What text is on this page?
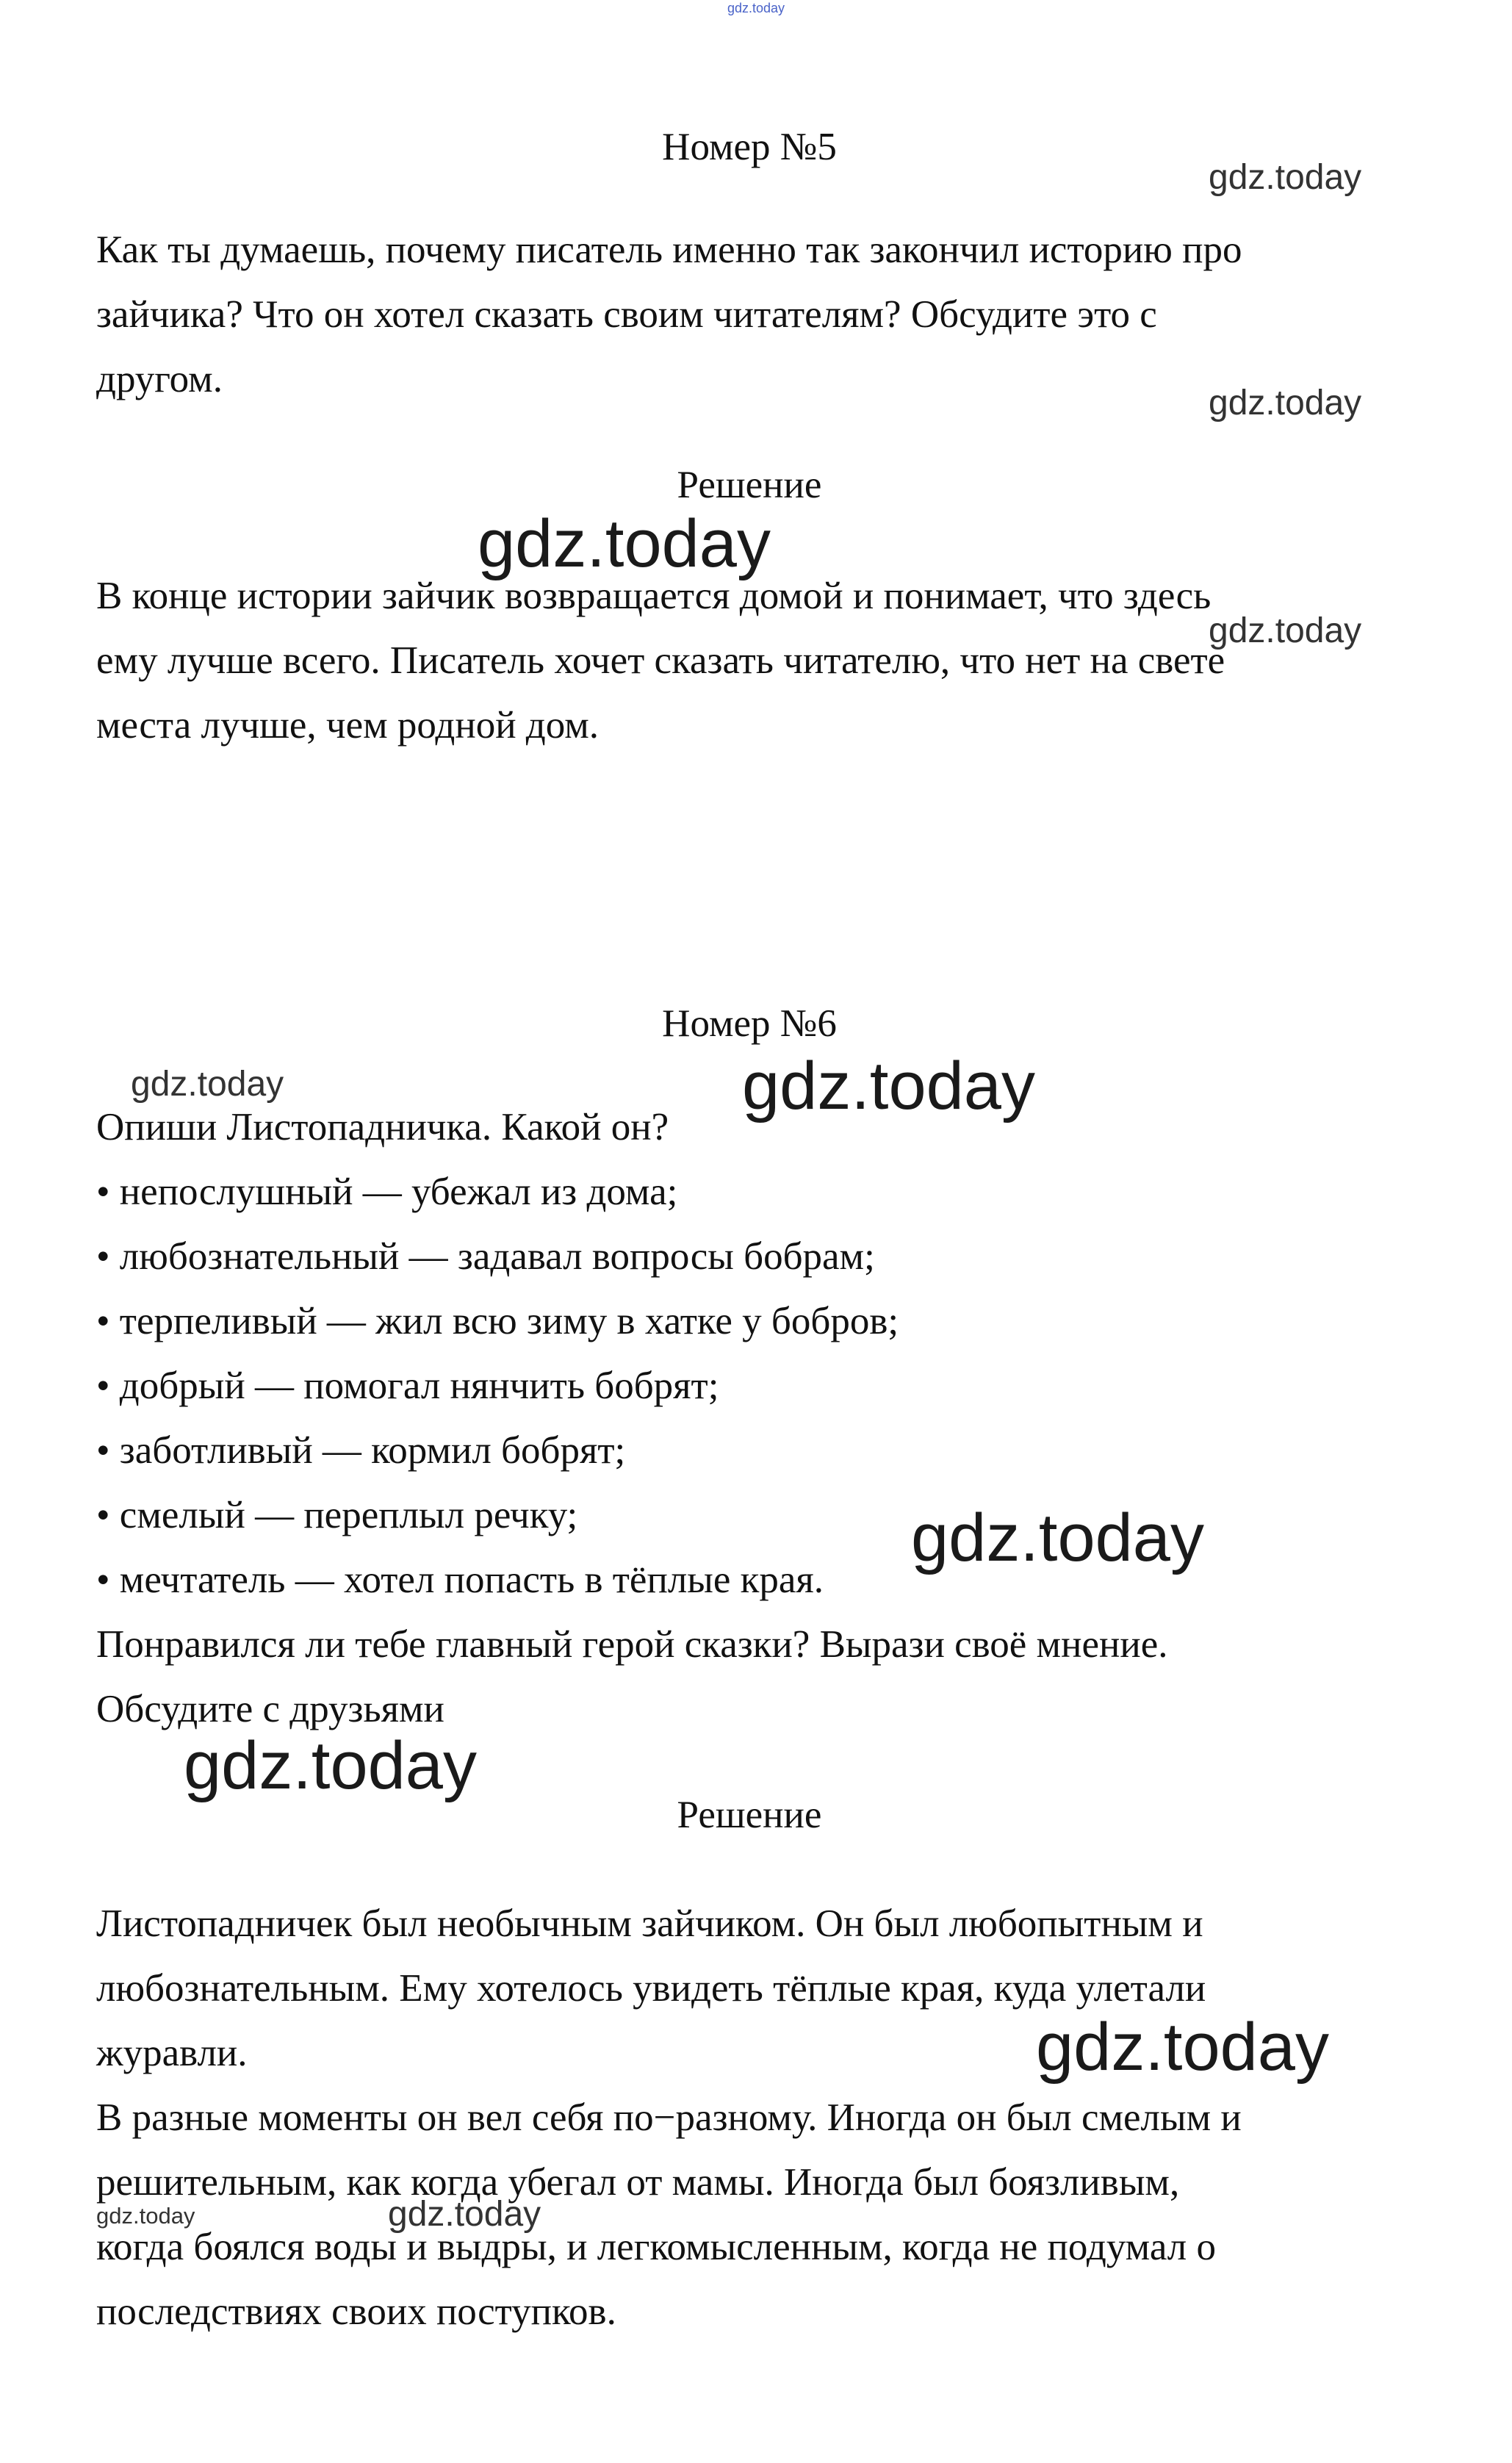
Номер №5
Как ты думаешь, почему писатель именно так закончил историю про
зайчика? Что он хотел сказать своим читателям? Обсудите это с
другом.
Решение
В конце истории зайчик возвращается домой и понимает, что здесь
ему лучше всего. Писатель хочет сказать читателю, что нет на свете
места лучше, чем родной дом.
Номер №6
Опиши Листопадничка. Какой он?
• непослушный — убежал из дома;
• любознательный — задавал вопросы бобрам;
• терпеливый — жил всю зиму в хатке у бобров;
• добрый — помогал нянчить бобрят;
• заботливый — кормил бобрят;
• смелый — переплыл речку;
• мечтатель — хотел попасть в тёплые края.
Понравился ли тебе главный герой сказки? Вырази своё мнение.
Обсудите с друзьями
Решение
Листопадничек был необычным зайчиком. Он был любопытным и
любознательным. Ему хотелось увидеть тёплые края, куда улетали
журавли.
В разные моменты он вел себя по−разному. Иногда он был смелым и
решительным, как когда убегал от мамы. Иногда был боязливым,
когда боялся воды и выдры, и легкомысленным, когда не подумал о
последствиях своих поступков.
gdz.today
gdz.today
gdz.today
gdz.today
gdz.today
gdz.today	gdz.today
gdz.today
gdz.today
gdz.today
gdz.today	gdz.today
